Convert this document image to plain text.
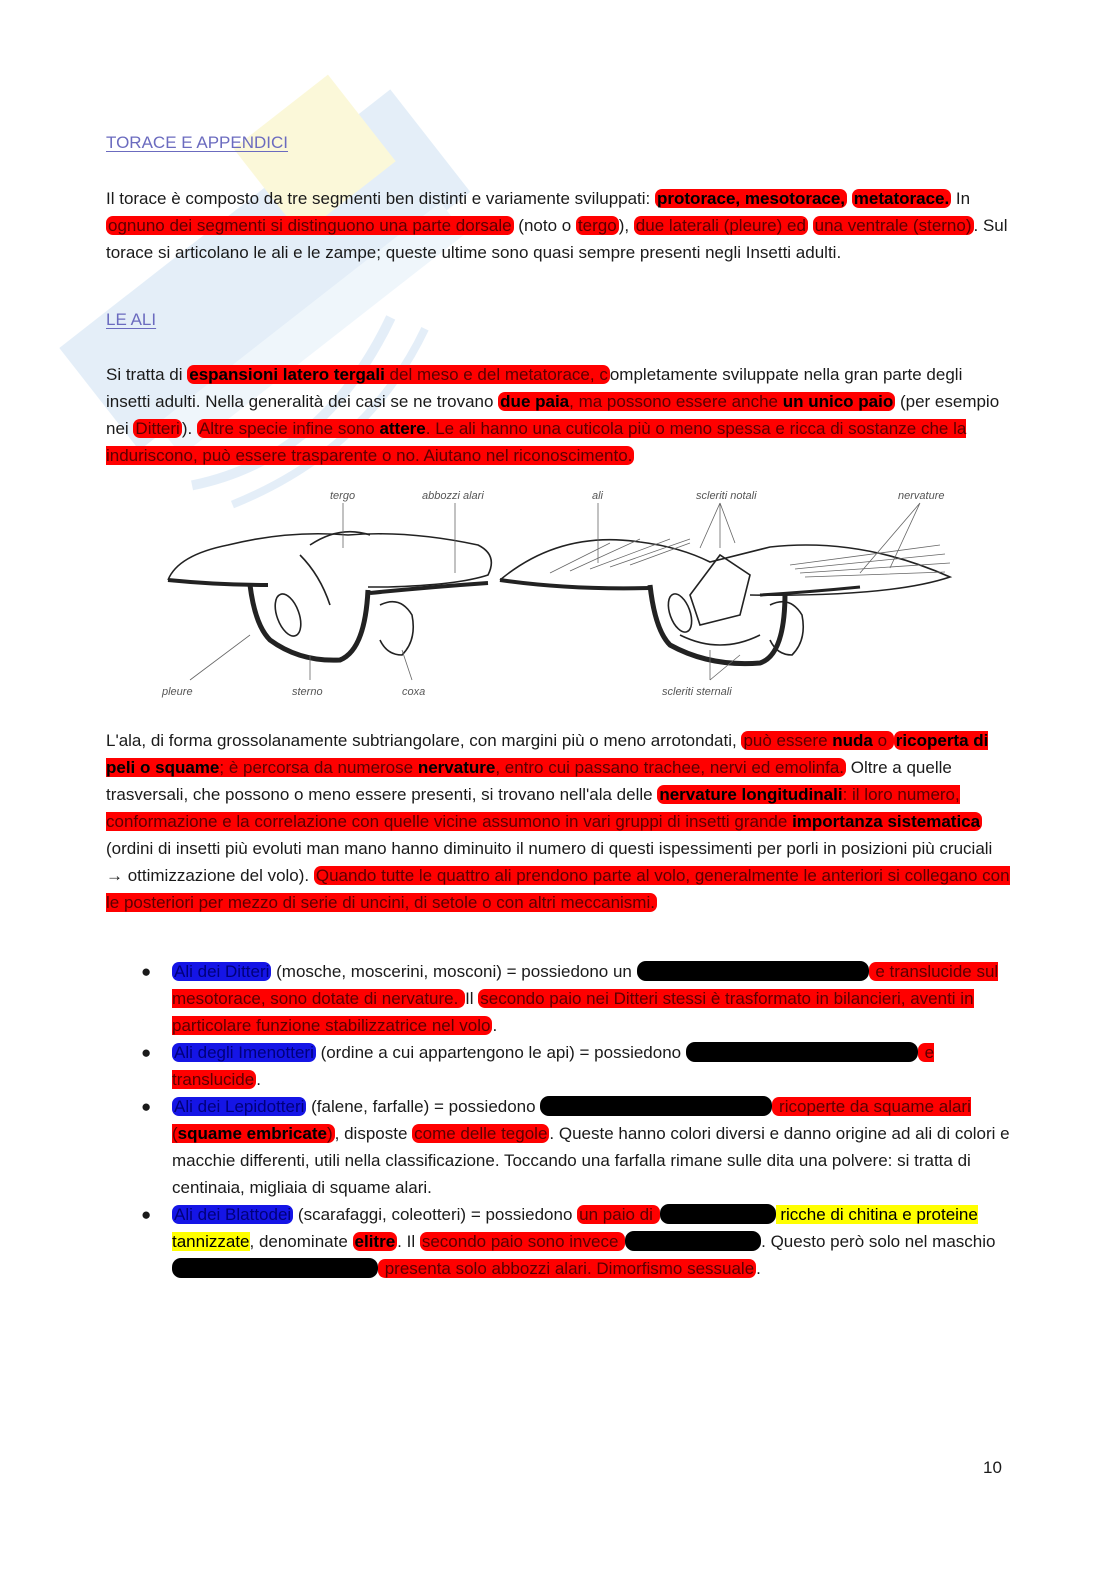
TORACE E APPENDICI

Il torace è composto da tre segmenti ben distinti e variamente sviluppati: protorace, mesotorace, metatorace. In ognuno dei segmenti si distinguono una parte dorsale (noto o tergo ), due laterali (pleure) ed una ventrale (sterno) . Sul torace si articolano le ali e le zampe; queste ultime sono quasi sempre presenti negli Insetti adulti.

LE ALI

Si tratta di espansioni latero tergali del meso e del metatorace, c ompletamente sviluppate nella gran parte degli insetti adulti. Nella generalità dei casi se ne trovano due paia, ma possono essere anche un unico paio (per esempio nei Ditteri ). Altre specie infine sono attere. Le ali hanno una cuticola più o meno spessa e ricca di sostanze che la induriscono, può essere trasparente o no. Aiutano nel riconoscimento.

tergo	abbozzi alari	ali	scleriti notali	nervature
pleure	sterno	coxa	scleriti sternali

L'ala, di forma grossolanamente subtriangolare, con margini più o meno arrotondati, può essere nuda o ricoperta di peli o squame; è percorsa da numerose nervature, entro cui passano trachee, nervi ed emolinfa. Oltre a quelle trasversali, che possono o meno essere presenti, si trovano nell'ala delle nervature longitudinali: il loro numero, conformazione e la correlazione con quelle vicine assumono in vari gruppi di insetti grande importanza sistematica (ordini di insetti più evoluti man mano hanno diminuito il numero di questi ispessimenti per porli in posizioni più cruciali → ottimizzazione del volo). Quando tutte le quattro ali prendono parte al volo, generalmente le anteriori si collegano con le posteriori per mezzo di serie di uncini, di setole o con altri meccanismi.

● Ali dei Ditteri (mosche, moscerini, mosconi) = possiedono un	e translucide sul mesotorace, sono dotate di nervature. Il secondo paio nei Ditteri stessi è trasformato in bilancieri, aventi in particolare funzione stabilizzatrice nel volo .
● Ali degli Imenotteri (ordine a cui appartengono le api) = possiedono	e translucide .
● Ali dei Lepidotteri (falene, farfalle) = possiedono	ricoperte da squame alari (squame embricate) , disposte come delle tegole . Queste hanno colori diversi e danno origine ad ali di colori e macchie differenti, utili nella classificazione. Toccando una farfalla rimane sulle dita una polvere: si tratta di centinaia, migliaia di squame alari.
● Ali dei Blattodei (scarafaggi, coleotteri) = possiedono un paio di	ricche di chitina e proteine tannizzate, denominate elitre . Il secondo paio sono invece	. Questo però solo nel maschio  presenta solo abbozzi alari. Dimorfismo sessuale .
10
